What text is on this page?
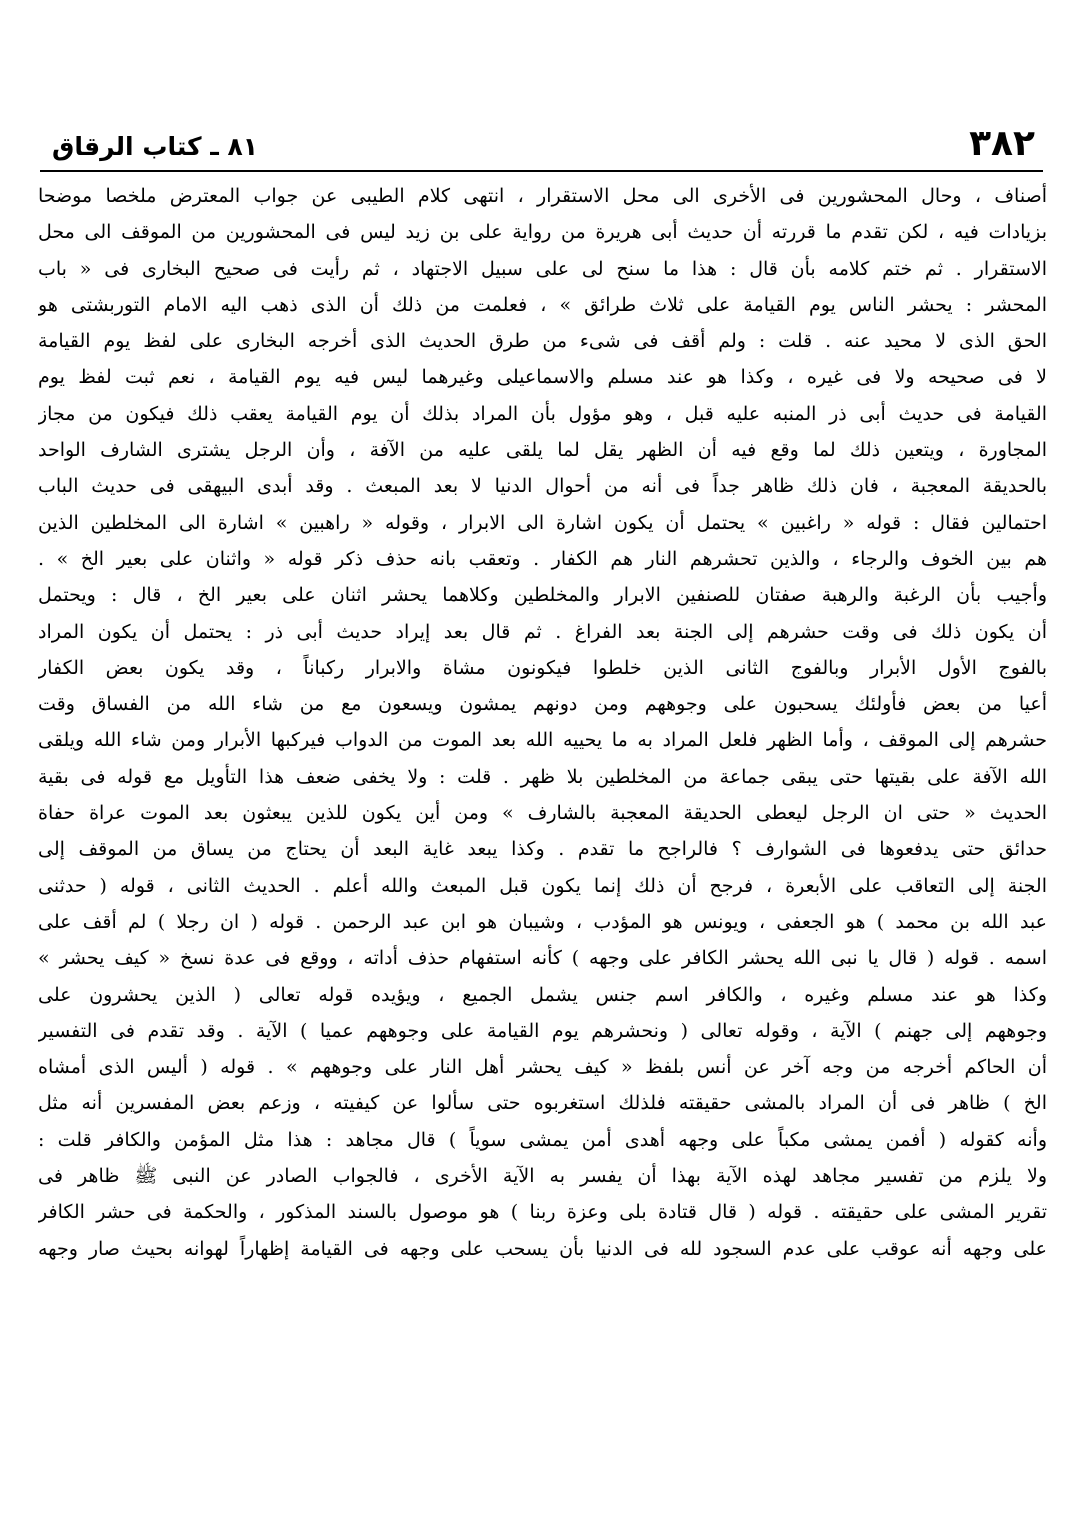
٣٨٢
٨١ ـ كتاب الرقاق
أصناف ، وحال المحشورين فى الأخرى الى محل الاستقرار ، انتهى كلام الطيبى عن جواب المعترض ملخصا موضحا
بزيادات فيه ، لكن تقدم ما قررته أن حديث أبى هريرة من رواية على بن زيد ليس فى المحشورين من الموقف الى محل
الاستقرار . ثم ختم كلامه بأن قال : هذا ما سنح لى على سبيل الاجتهاد ، ثم رأيت فى صحيح البخارى فى « باب
المحشر : يحشر الناس يوم القيامة على ثلاث طرائق » ، فعلمت من ذلك أن الذى ذهب اليه الامام التوربشتى هو
الحق الذى لا محيد عنه . قلت : ولم أقف فى شىء من طرق الحديث الذى أخرجه البخارى على لفظ يوم القيامة
لا فى صحيحه ولا فى غيره ، وكذا هو عند مسلم والاسماعيلى وغيرهما ليس فيه يوم القيامة ، نعم ثبت لفظ يوم
القيامة فى حديث أبى ذر المنبه عليه قبل ، وهو مؤول بأن المراد بذلك أن يوم القيامة يعقب ذلك فيكون من مجاز
المجاورة ، ويتعين ذلك لما وقع فيه أن الظهر يقل لما يلقى عليه من الآفة ، وأن الرجل يشترى الشارف الواحد
بالحديقة المعجبة ، فان ذلك ظاهر جداً فى أنه من أحوال الدنيا لا بعد المبعث . وقد أبدى البيهقى فى حديث الباب
احتمالين فقال : قوله « راغبين » يحتمل أن يكون اشارة الى الابرار ، وقوله « راهبين » اشارة الى المخلطين الذين
هم بين الخوف والرجاء ، والذين تحشرهم النار هم الكفار . وتعقب بانه حذف ذكر قوله « واثنان على بعير الخ » .
وأجيب بأن الرغبة والرهبة صفتان للصنفين الابرار والمخلطين وكلاهما يحشر اثنان على بعير الخ ، قال : ويحتمل
أن يكون ذلك فى وقت حشرهم إلى الجنة بعد الفراغ . ثم قال بعد إيراد حديث أبى ذر : يحتمل أن يكون المراد
بالفوج الأول الأبرار وبالفوج الثانى الذين خلطوا فيكونون مشاة والابرار ركباناً ، وقد يكون بعض الكفار
أعيا من بعض فأولئك يسحبون على وجوههم ومن دونهم يمشون ويسعون مع من شاء الله من الفساق وقت
حشرهم إلى الموقف ، وأما الظهر فلعل المراد به ما يحييه الله بعد الموت من الدواب فيركبها الأبرار ومن شاء الله ويلقى
الله الآفة على بقيتها حتى يبقى جماعة من المخلطين بلا ظهر . قلت : ولا يخفى ضعف هذا التأويل مع قوله فى بقية
الحديث « حتى ان الرجل ليعطى الحديقة المعجبة بالشارف » ومن أين يكون للذين يبعثون بعد الموت عراة حفاة
حدائق حتى يدفعوها فى الشوارف ؟ فالراجح ما تقدم . وكذا يبعد غاية البعد أن يحتاج من يساق من الموقف إلى
الجنة إلى التعاقب على الأبعرة ، فرجح أن ذلك إنما يكون قبل المبعث والله أعلم . الحديث الثانى ، قوله ( حدثنى
عبد الله بن محمد ) هو الجعفى ، ويونس هو المؤدب ، وشيبان هو ابن عبد الرحمن . قوله ( ان رجلا ) لم أقف على
اسمه . قوله ( قال يا نبى الله يحشر الكافر على وجهه ) كأنه استفهام حذف أداته ، ووقع فى عدة نسخ « كيف يحشر »
وكذا هو عند مسلم وغيره ، والكافر اسم جنس يشمل الجميع ، ويؤيده قوله تعالى ( الذين يحشرون على
وجوههم إلى جهنم ) الآية ، وقوله تعالى ( ونحشرهم يوم القيامة على وجوههم عميا ) الآية . وقد تقدم فى التفسير
أن الحاكم أخرجه من وجه آخر عن أنس بلفظ « كيف يحشر أهل النار على وجوههم » . قوله ( أليس الذى أمشاه
الخ ) ظاهر فى أن المراد بالمشى حقيقته فلذلك استغربوه حتى سألوا عن كيفيته ، وزعم بعض المفسرين أنه مثل
وأنه كقوله ( أفمن يمشى مكباً على وجهه أهدى أمن يمشى سوياً ) قال مجاهد : هذا مثل المؤمن والكافر قلت :
ولا يلزم من تفسير مجاهد لهذه الآية بهذا أن يفسر به الآية الأخرى ، فالجواب الصادر عن النبى ﷺ ظاهر فى
تقرير المشى على حقيقته . قوله ( قال قتادة بلى وعزة ربنا ) هو موصول بالسند المذكور ، والحكمة فى حشر الكافر
على وجهه أنه عوقب على عدم السجود لله فى الدنيا بأن يسحب على وجهه فى القيامة إظهاراً لهوانه بحيث صار وجهه
